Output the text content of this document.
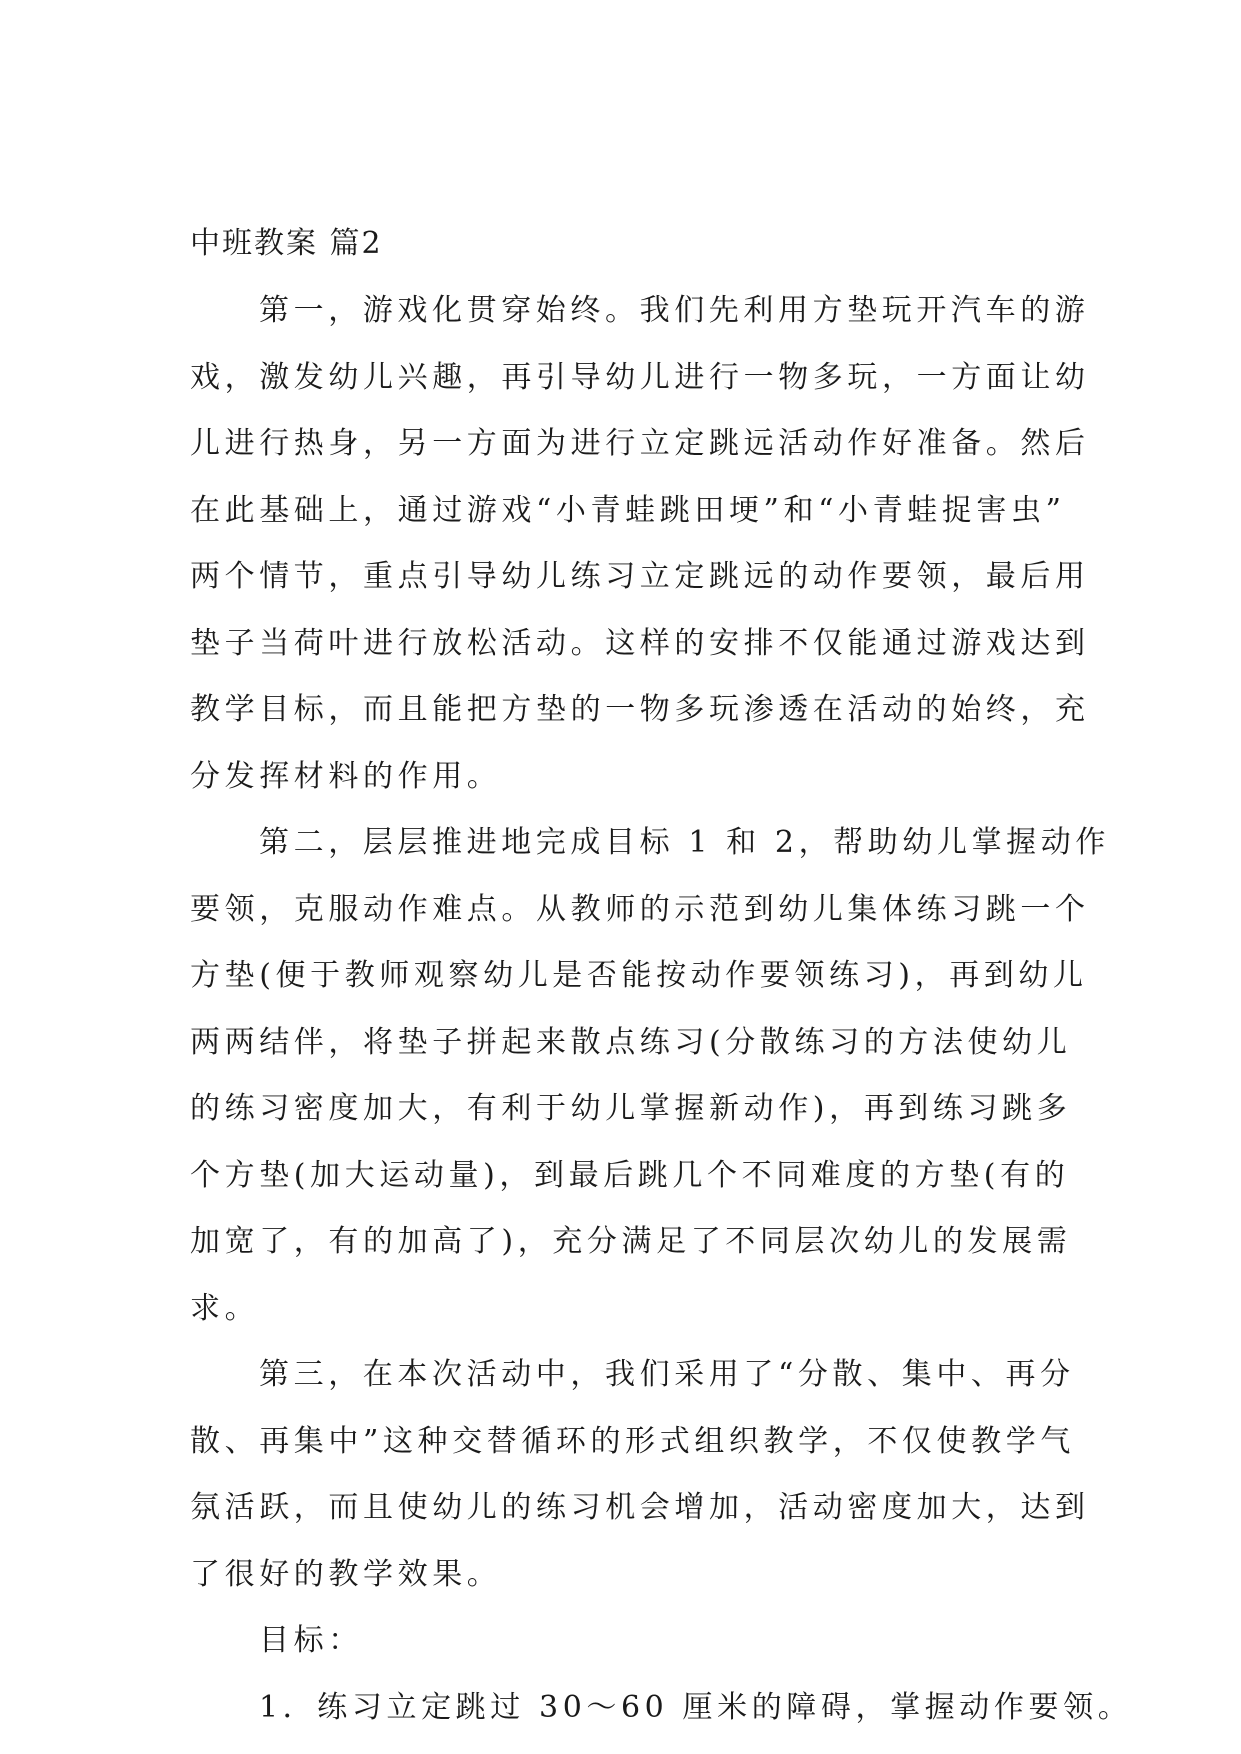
中班教案 篇2
第一，游戏化贯穿始终。我们先利用方垫玩开汽车的游
戏，激发幼儿兴趣，再引导幼儿进行一物多玩，一方面让幼
儿进行热身，另一方面为进行立定跳远活动作好准备。然后
在此基础上，通过游戏“小青蛙跳田埂”和“小青蛙捉害虫”
两个情节，重点引导幼儿练习立定跳远的动作要领，最后用
垫子当荷叶进行放松活动。这样的安排不仅能通过游戏达到
教学目标，而且能把方垫的一物多玩渗透在活动的始终，充
分发挥材料的作用。
第二，层层推进地完成目标 1 和 2，帮助幼儿掌握动作
要领，克服动作难点。从教师的示范到幼儿集体练习跳一个
方垫(便于教师观察幼儿是否能按动作要领练习)，再到幼儿
两两结伴，将垫子拼起来散点练习(分散练习的方法使幼儿
的练习密度加大，有利于幼儿掌握新动作)，再到练习跳多
个方垫(加大运动量)，到最后跳几个不同难度的方垫(有的
加宽了，有的加高了)，充分满足了不同层次幼儿的发展需
求。
第三，在本次活动中，我们采用了“分散、集中、再分
散、再集中”这种交替循环的形式组织教学，不仅使教学气
氛活跃，而且使幼儿的练习机会增加，活动密度加大，达到
了很好的教学效果。
目标：
1．练习立定跳过 30～60 厘米的障碍，掌握动作要领。
